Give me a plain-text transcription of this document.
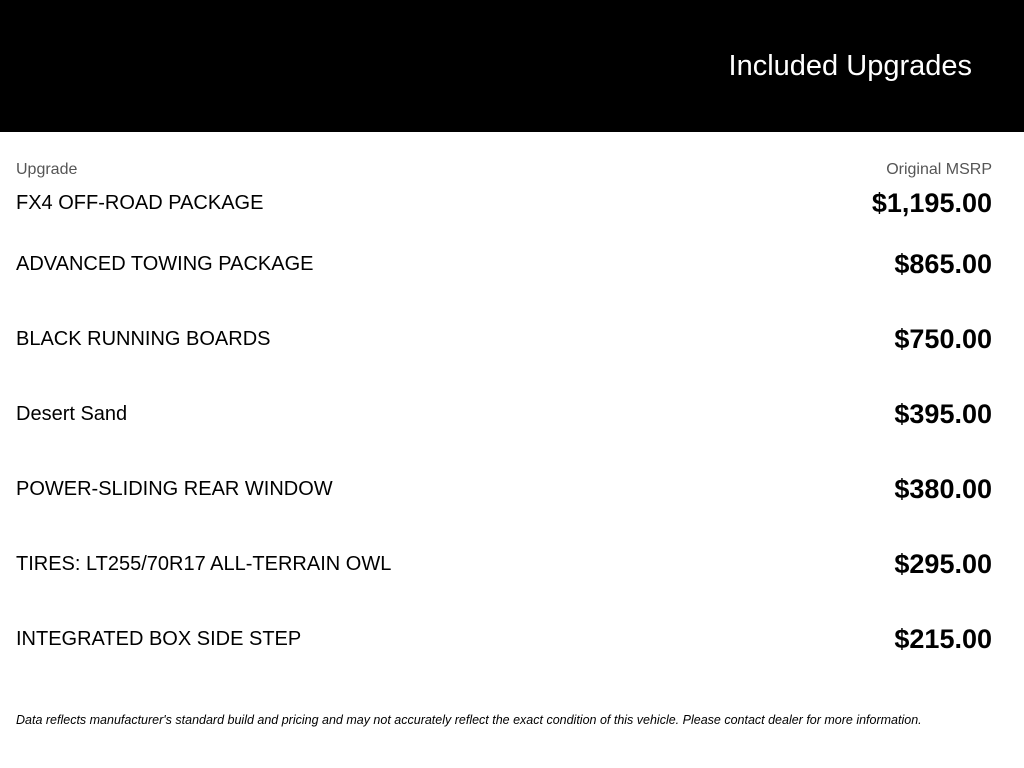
Included Upgrades
Upgrade	Original MSRP
FX4 OFF-ROAD PACKAGE	$1,195.00
ADVANCED TOWING PACKAGE	$865.00
BLACK RUNNING BOARDS	$750.00
Desert Sand	$395.00
POWER-SLIDING REAR WINDOW	$380.00
TIRES: LT255/70R17 ALL-TERRAIN OWL	$295.00
INTEGRATED BOX SIDE STEP	$215.00

Data reflects manufacturer's standard build and pricing and may not accurately reflect the exact condition of this vehicle. Please contact dealer for more information.
